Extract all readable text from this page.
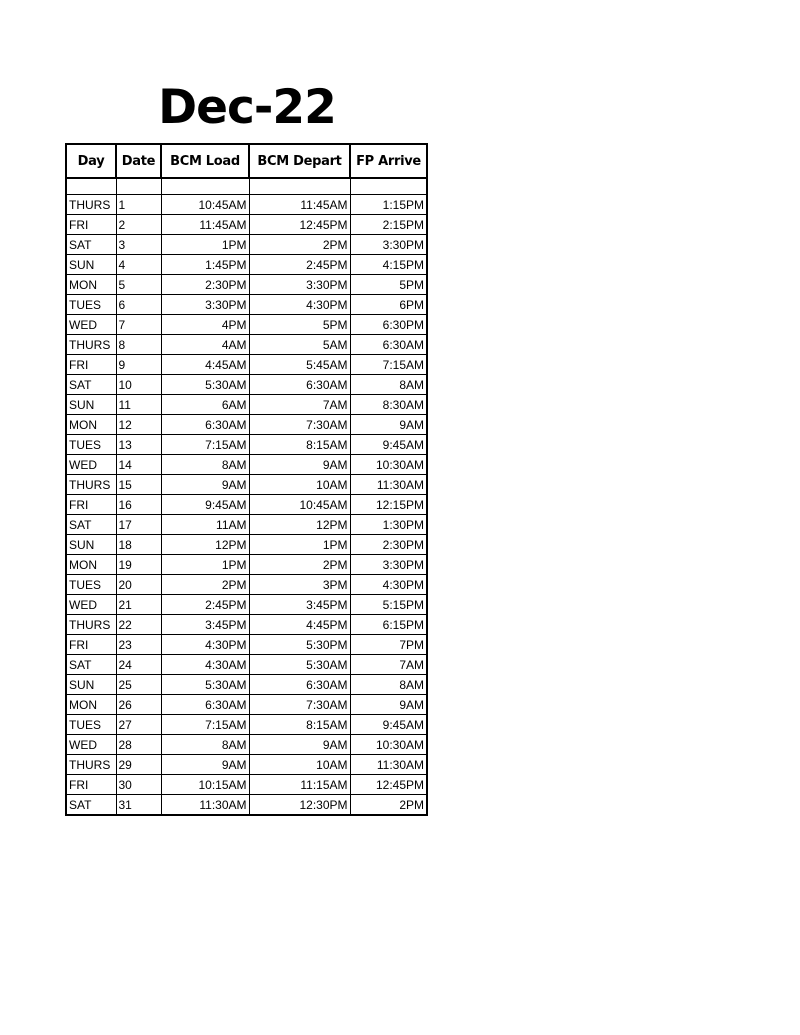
Dec-22
Day	Date	BCM Load	BCM Depart	FP Arrive

THURS	1	10:45AM	11:45AM	1:15PM
FRI	2	11:45AM	12:45PM	2:15PM
SAT	3	1PM	2PM	3:30PM
SUN	4	1:45PM	2:45PM	4:15PM
MON	5	2:30PM	3:30PM	5PM
TUES	6	3:30PM	4:30PM	6PM
WED	7	4PM	5PM	6:30PM
THURS	8	4AM	5AM	6:30AM
FRI	9	4:45AM	5:45AM	7:15AM
SAT	10	5:30AM	6:30AM	8AM
SUN	11	6AM	7AM	8:30AM
MON	12	6:30AM	7:30AM	9AM
TUES	13	7:15AM	8:15AM	9:45AM
WED	14	8AM	9AM	10:30AM
THURS	15	9AM	10AM	11:30AM
FRI	16	9:45AM	10:45AM	12:15PM
SAT	17	11AM	12PM	1:30PM
SUN	18	12PM	1PM	2:30PM
MON	19	1PM	2PM	3:30PM
TUES	20	2PM	3PM	4:30PM
WED	21	2:45PM	3:45PM	5:15PM
THURS	22	3:45PM	4:45PM	6:15PM
FRI	23	4:30PM	5:30PM	7PM
SAT	24	4:30AM	5:30AM	7AM
SUN	25	5:30AM	6:30AM	8AM
MON	26	6:30AM	7:30AM	9AM
TUES	27	7:15AM	8:15AM	9:45AM
WED	28	8AM	9AM	10:30AM
THURS	29	9AM	10AM	11:30AM
FRI	30	10:15AM	11:15AM	12:45PM
SAT	31	11:30AM	12:30PM	2PM
